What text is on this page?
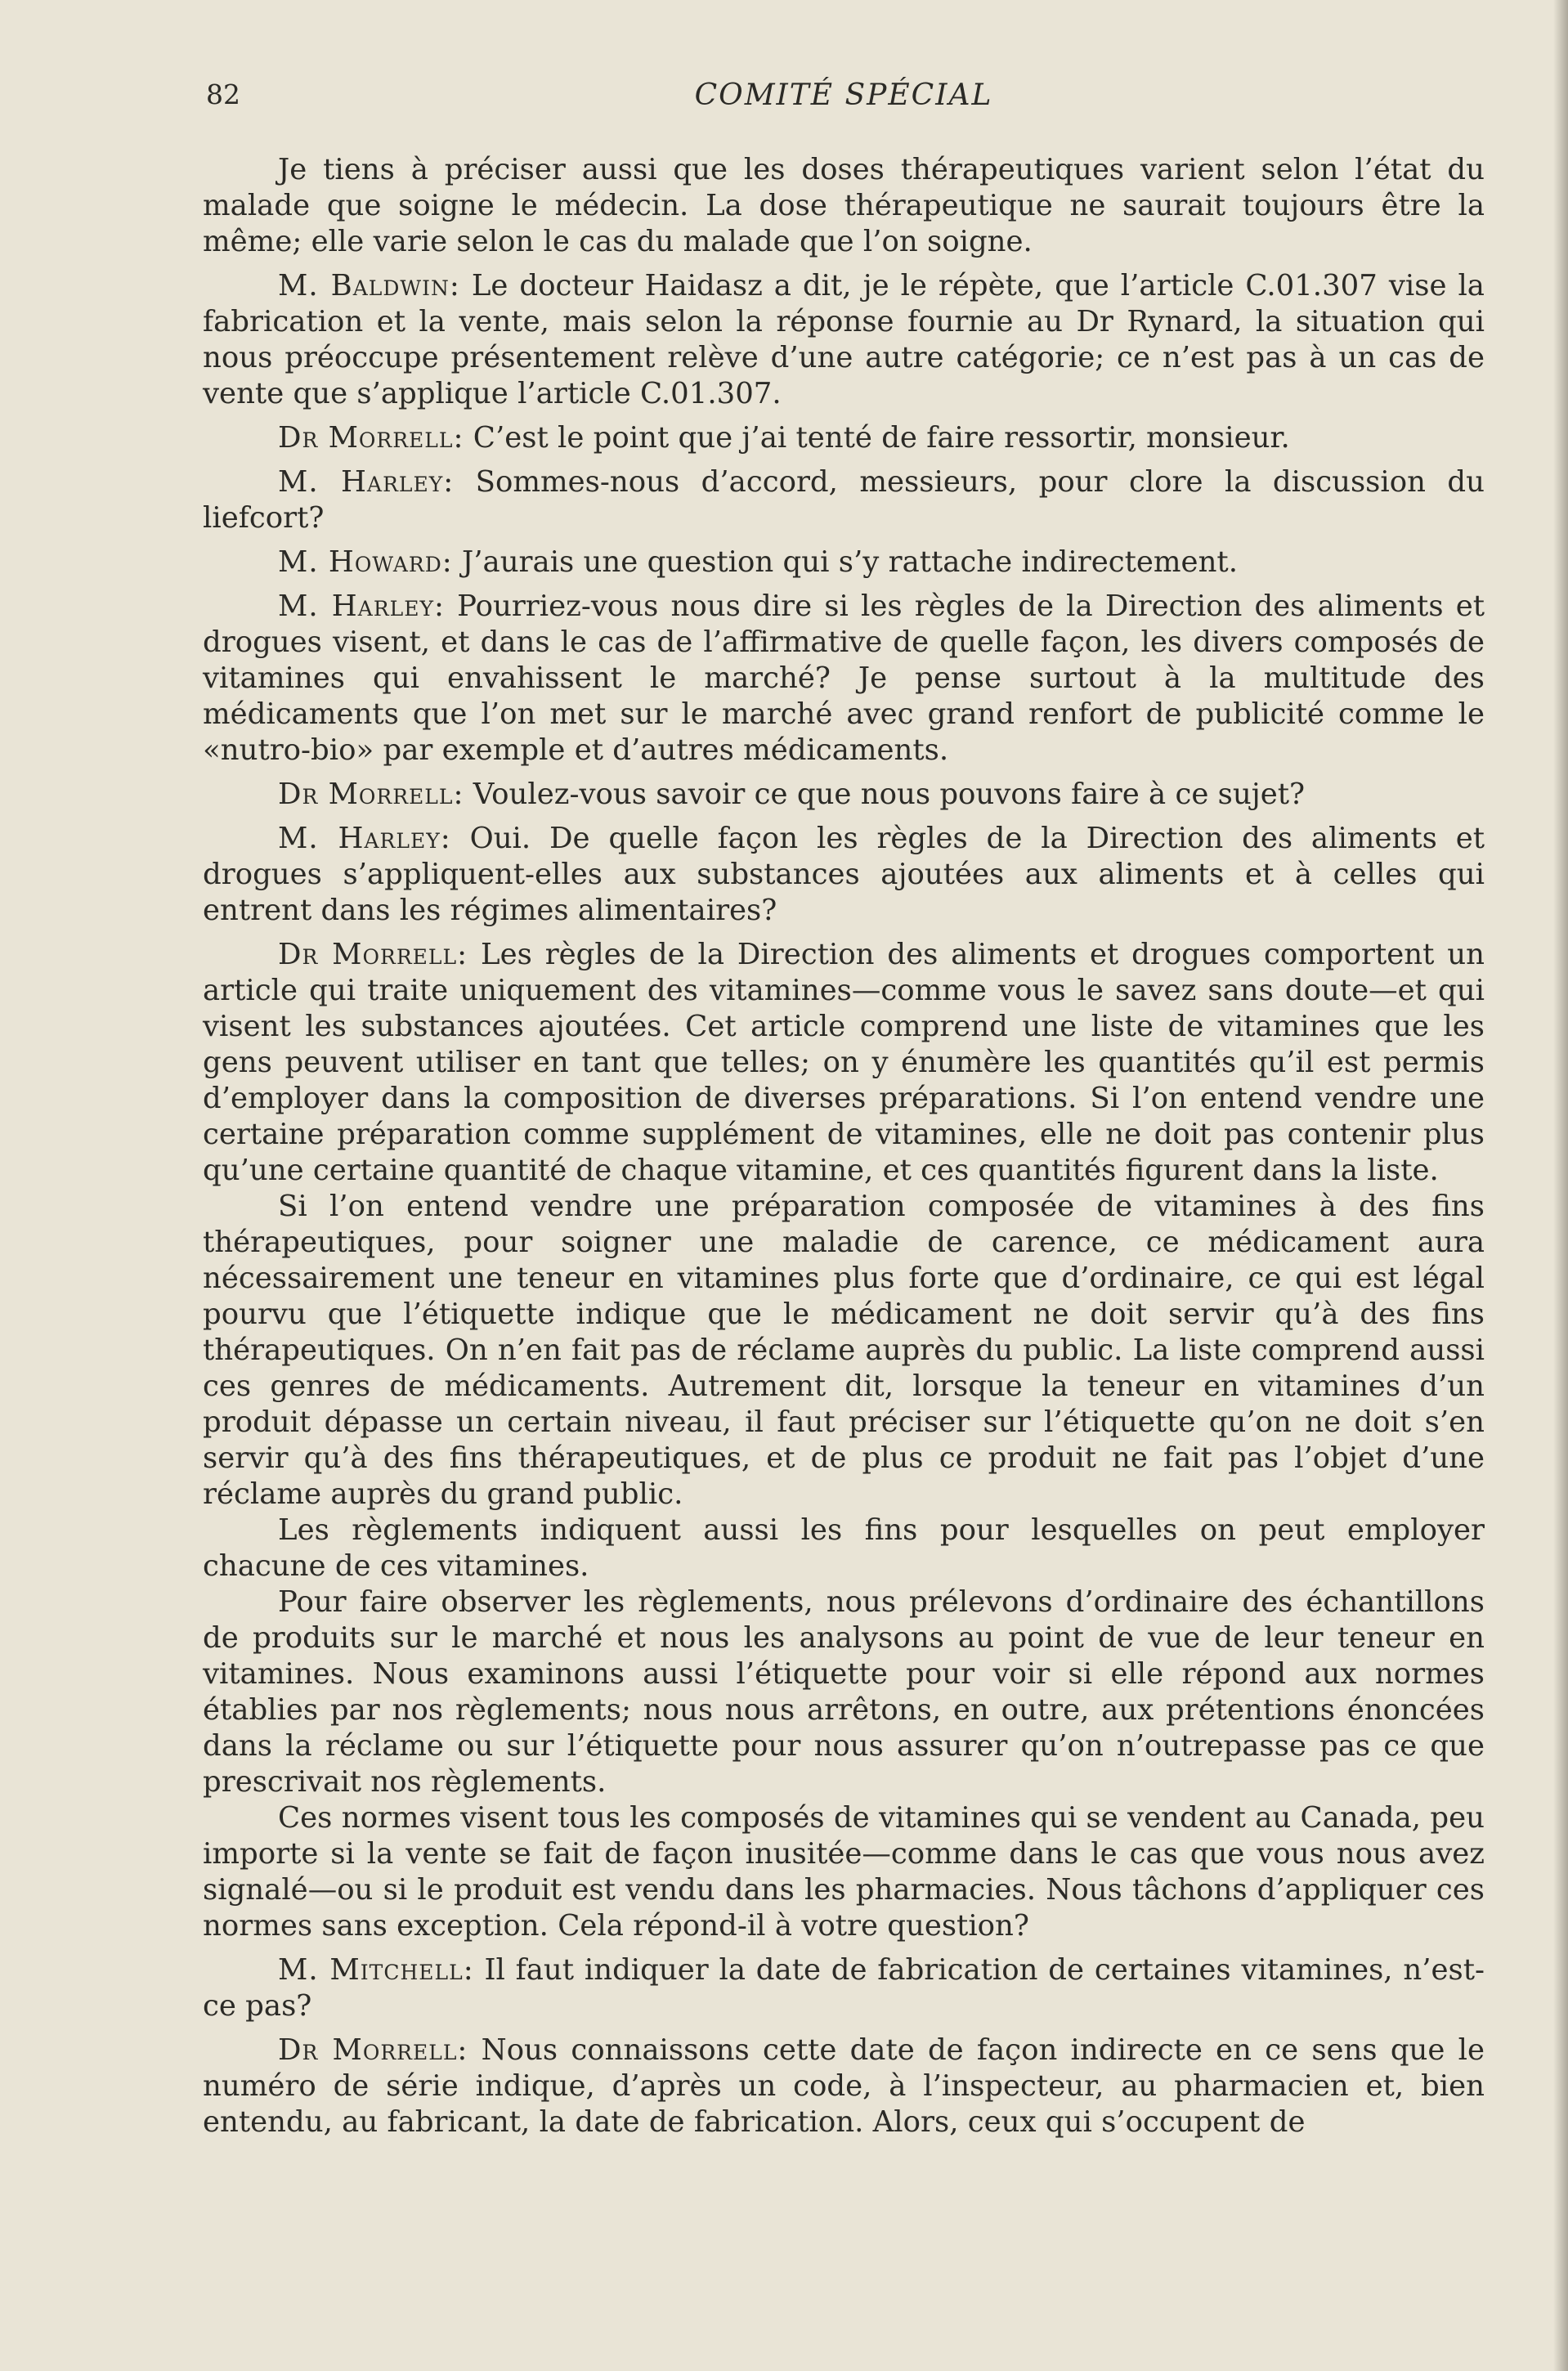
82	COMITÉ SPÉCIAL

Je tiens à préciser aussi que les doses thérapeutiques varient selon l’état du malade que soigne le médecin. La dose thérapeutique ne saurait toujours être la même; elle varie selon le cas du malade que l’on soigne.

M. Baldwin: Le docteur Haidasz a dit, je le répète, que l’article C.01.307 vise la fabrication et la vente, mais selon la réponse fournie au Dr Rynard, la situation qui nous préoccupe présentement relève d’une autre catégorie; ce n’est pas à un cas de vente que s’applique l’article C.01.307.

Dr Morrell: C’est le point que j’ai tenté de faire ressortir, monsieur.

M. Harley: Sommes-nous d’accord, messieurs, pour clore la discussion du liefcort?

M. Howard: J’aurais une question qui s’y rattache indirectement.

M. Harley: Pourriez-vous nous dire si les règles de la Direction des aliments et drogues visent, et dans le cas de l’affirmative de quelle façon, les divers composés de vitamines qui envahissent le marché? Je pense surtout à la multitude des médicaments que l’on met sur le marché avec grand renfort de publicité comme le «nutro-bio» par exemple et d’autres médicaments.

Dr Morrell: Voulez-vous savoir ce que nous pouvons faire à ce sujet?

M. Harley: Oui. De quelle façon les règles de la Direction des aliments et drogues s’appliquent-elles aux substances ajoutées aux aliments et à celles qui entrent dans les régimes alimentaires?

Dr Morrell: Les règles de la Direction des aliments et drogues comportent un article qui traite uniquement des vitamines—comme vous le savez sans doute—et qui visent les substances ajoutées. Cet article comprend une liste de vitamines que les gens peuvent utiliser en tant que telles; on y énumère les quantités qu’il est permis d’employer dans la composition de diverses préparations. Si l’on entend vendre une certaine préparation comme supplément de vitamines, elle ne doit pas contenir plus qu’une certaine quantité de chaque vitamine, et ces quantités figurent dans la liste.

Si l’on entend vendre une préparation composée de vitamines à des fins thérapeutiques, pour soigner une maladie de carence, ce médicament aura nécessairement une teneur en vitamines plus forte que d’ordinaire, ce qui est légal pourvu que l’étiquette indique que le médicament ne doit servir qu’à des fins thérapeutiques. On n’en fait pas de réclame auprès du public. La liste comprend aussi ces genres de médicaments. Autrement dit, lorsque la teneur en vitamines d’un produit dépasse un certain niveau, il faut préciser sur l’étiquette qu’on ne doit s’en servir qu’à des fins thérapeutiques, et de plus ce produit ne fait pas l’objet d’une réclame auprès du grand public.

Les règlements indiquent aussi les fins pour lesquelles on peut employer chacune de ces vitamines.

Pour faire observer les règlements, nous prélevons d’ordinaire des échantillons de produits sur le marché et nous les analysons au point de vue de leur teneur en vitamines. Nous examinons aussi l’étiquette pour voir si elle répond aux normes établies par nos règlements; nous nous arrêtons, en outre, aux prétentions énoncées dans la réclame ou sur l’étiquette pour nous assurer qu’on n’outrepasse pas ce que prescrivait nos règlements.

Ces normes visent tous les composés de vitamines qui se vendent au Canada, peu importe si la vente se fait de façon inusitée—comme dans le cas que vous nous avez signalé—ou si le produit est vendu dans les pharmacies. Nous tâchons d’appliquer ces normes sans exception. Cela répond-il à votre question?

M. Mitchell: Il faut indiquer la date de fabrication de certaines vitamines, n’est-ce pas?

Dr Morrell: Nous connaissons cette date de façon indirecte en ce sens que le numéro de série indique, d’après un code, à l’inspecteur, au pharmacien et, bien entendu, au fabricant, la date de fabrication. Alors, ceux qui s’occupent de
